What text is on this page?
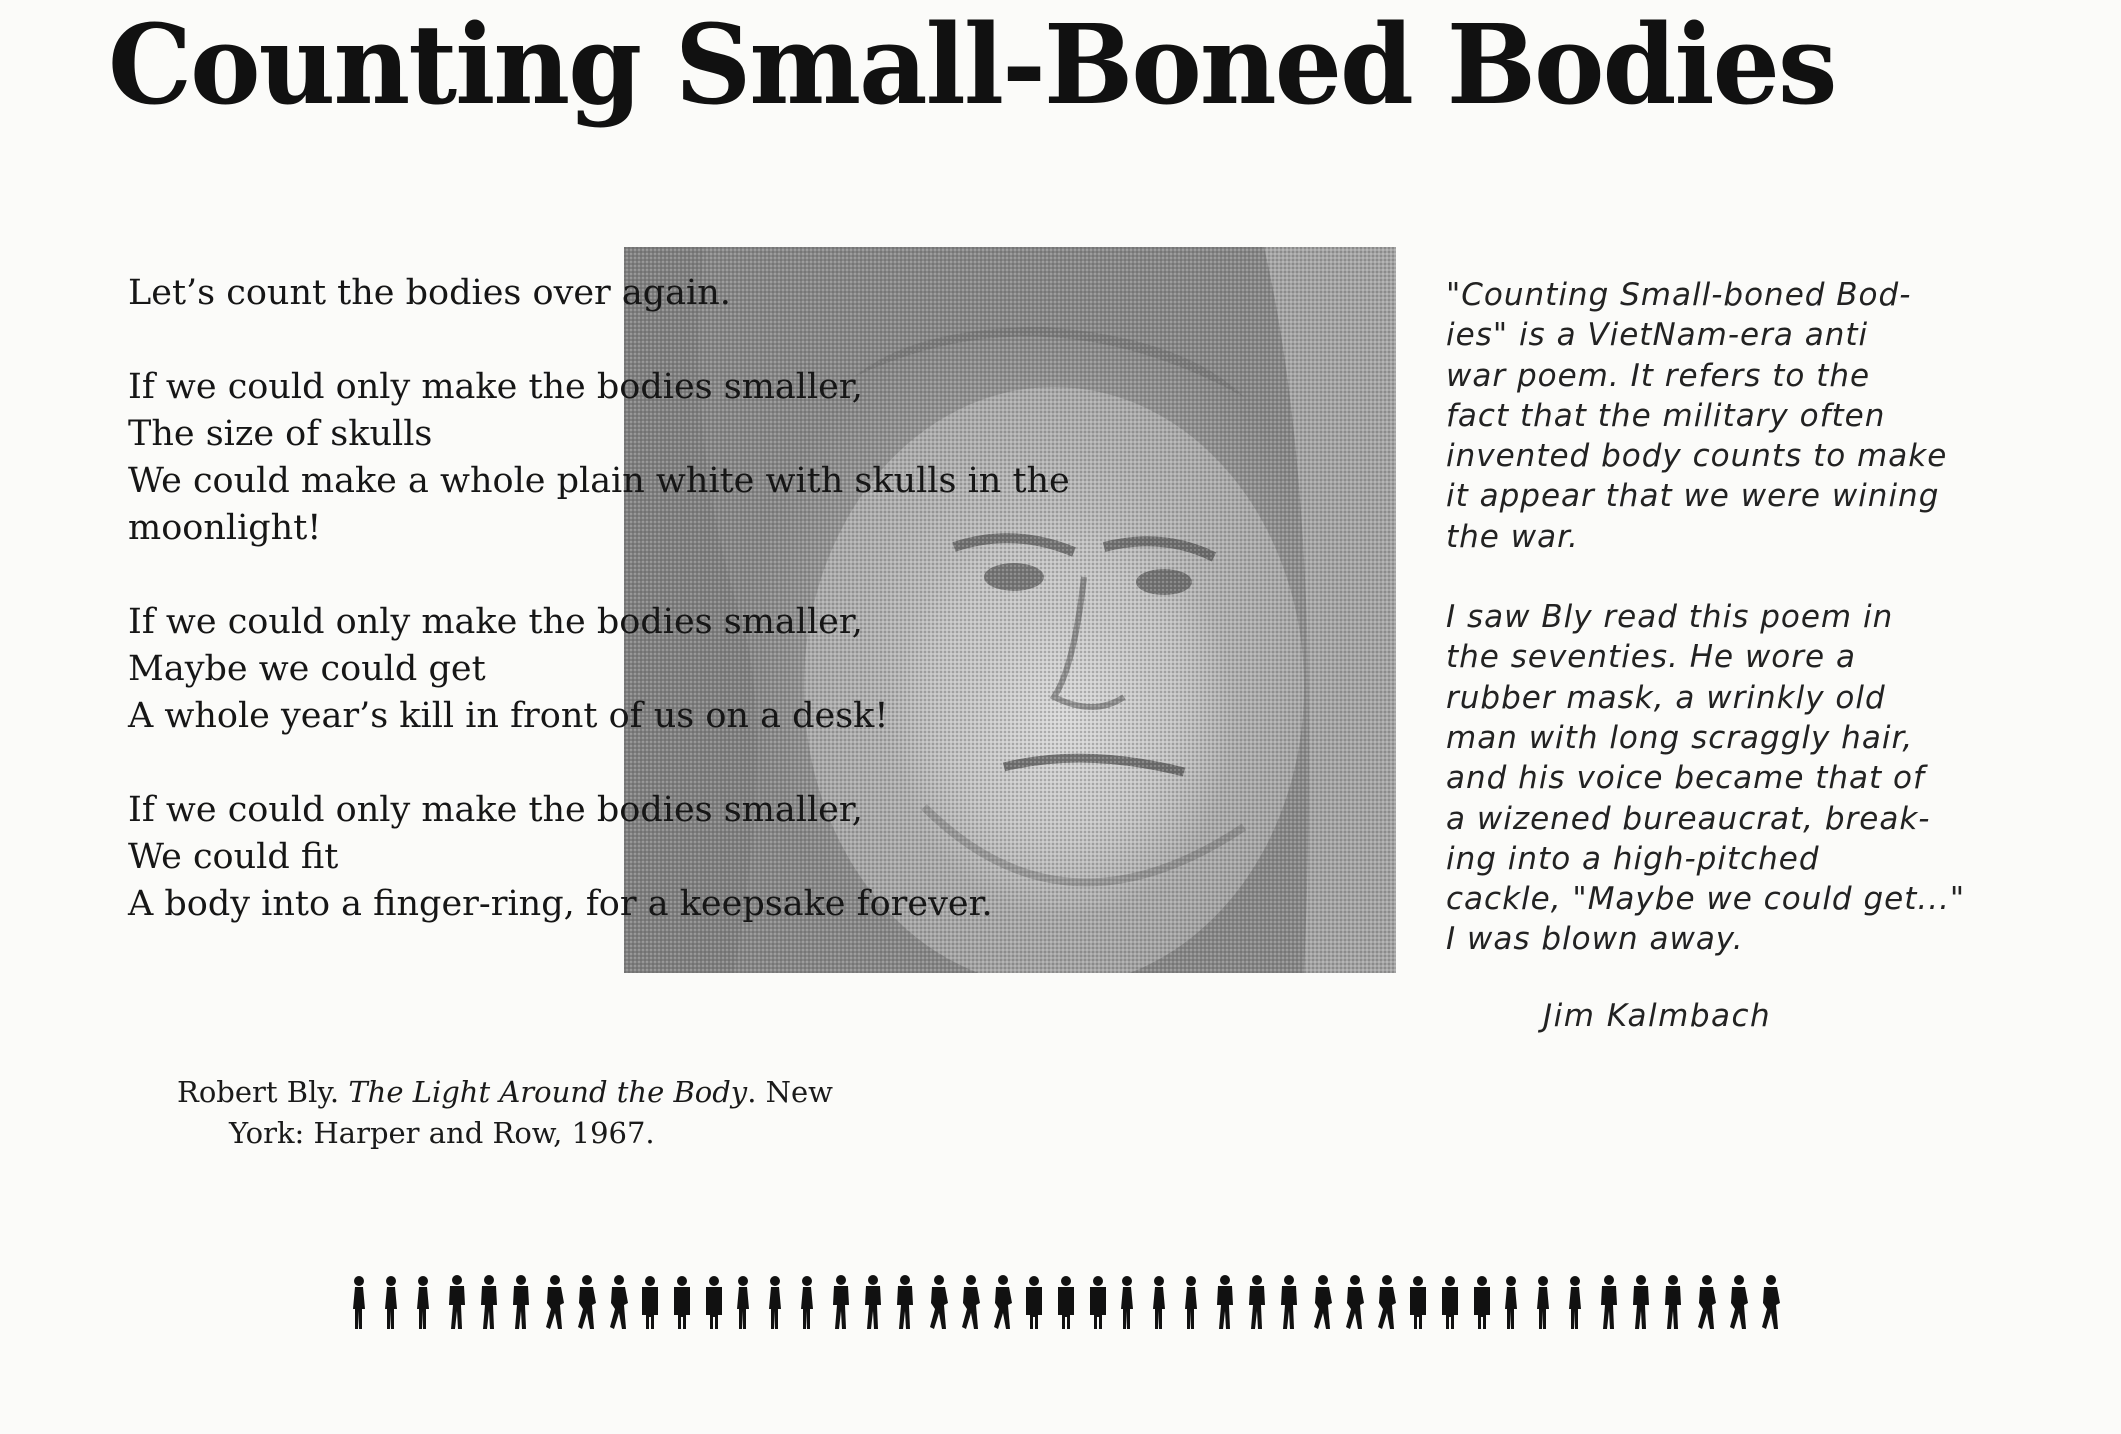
Counting Small-Boned Bodies
Let’s count the bodies over again.
If we could only make the bodies smaller,
The size of skulls
We could make a whole plain white with skulls in the
moonlight!
If we could only make the bodies smaller,
Maybe we could get
A whole year’s kill in front of us on a desk!
If we could only make the bodies smaller,
We could fit
A body into a finger-ring, for a keepsake forever.
Robert Bly. The Light Around the Body. New
York: Harper and Row, 1967.
"Counting Small-boned Bod-
ies" is a VietNam-era anti
war poem. It refers to the
fact that the military often
invented body counts to make
it appear that we were wining
the war.
I saw Bly read this poem in
the seventies. He wore a
rubber mask, a wrinkly old
man with long scraggly hair,
and his voice became that of
a wizened bureaucrat, break-
ing into a high-pitched
cackle, "Maybe we could get..."
I was blown away.
Jim Kalmbach
